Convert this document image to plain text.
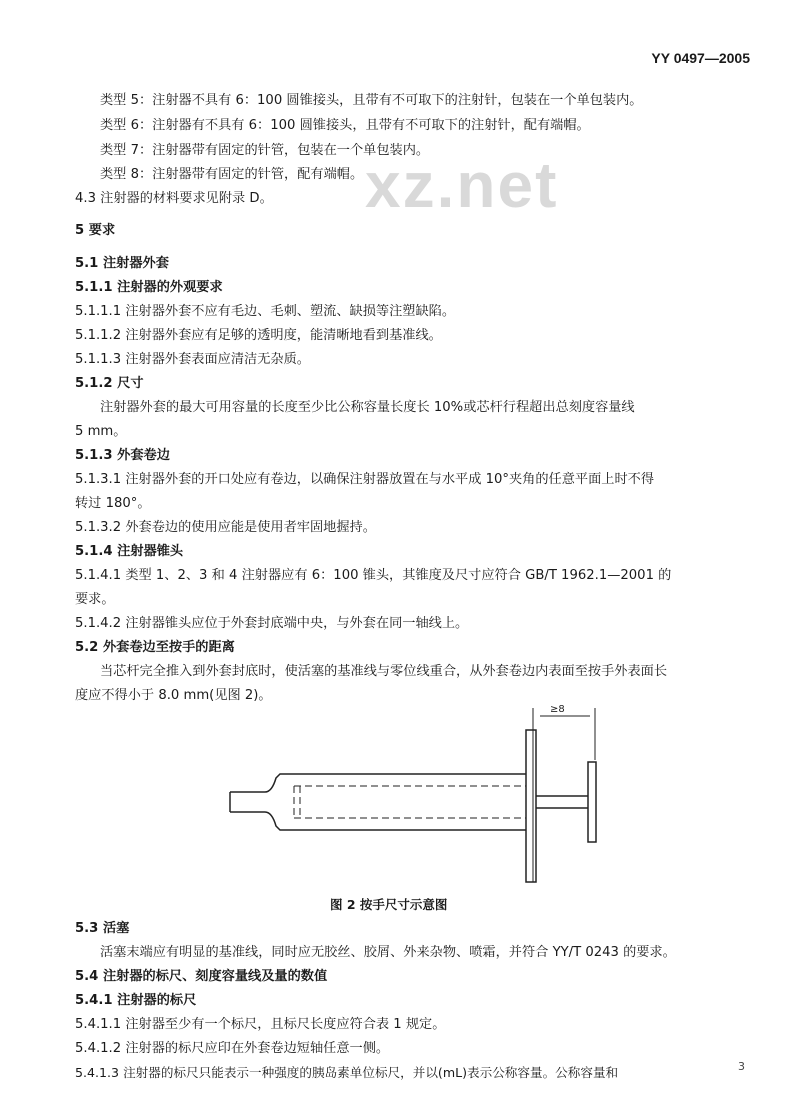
YY 0497—2005
xz.net
类型 5：注射器不具有 6：100 圆锥接头，且带有不可取下的注射针，包装在一个单包装内。
类型 6：注射器有不具有 6：100 圆锥接头，且带有不可取下的注射针，配有端帽。
类型 7：注射器带有固定的针管，包装在一个单包装内。
类型 8：注射器带有固定的针管，配有端帽。
4.3 注射器的材料要求见附录 D。
5 要求
5.1 注射器外套
5.1.1 注射器的外观要求
5.1.1.1 注射器外套不应有毛边、毛刺、塑流、缺损等注塑缺陷。
5.1.1.2 注射器外套应有足够的透明度，能清晰地看到基准线。
5.1.1.3 注射器外套表面应清洁无杂质。
5.1.2 尺寸
注射器外套的最大可用容量的长度至少比公称容量长度长 10%或芯杆行程超出总刻度容量线
5 mm。
5.1.3 外套卷边
5.1.3.1 注射器外套的开口处应有卷边，以确保注射器放置在与水平成 10°夹角的任意平面上时不得
转过 180°。
5.1.3.2 外套卷边的使用应能是使用者牢固地握持。
5.1.4 注射器锥头
5.1.4.1 类型 1、2、3 和 4 注射器应有 6：100 锥头，其锥度及尺寸应符合 GB/T 1962.1—2001 的
要求。
5.1.4.2 注射器锥头应位于外套封底端中央，与外套在同一轴线上。
5.2 外套卷边至按手的距离
当芯杆完全推入到外套封底时，使活塞的基准线与零位线重合，从外套卷边内表面至按手外表面长
度应不得小于 8.0 mm(见图 2)。
≥8
图 2 按手尺寸示意图
5.3 活塞
活塞末端应有明显的基准线，同时应无胶丝、胶屑、外来杂物、喷霜，并符合 YY/T 0243 的要求。
5.4 注射器的标尺、刻度容量线及量的数值
5.4.1 注射器的标尺
5.4.1.1 注射器至少有一个标尺，且标尺长度应符合表 1 规定。
5.4.1.2 注射器的标尺应印在外套卷边短轴任意一侧。
5.4.1.3 注射器的标尺只能表示一种强度的胰岛素单位标尺，并以(mL)表示公称容量。公称容量和	3
